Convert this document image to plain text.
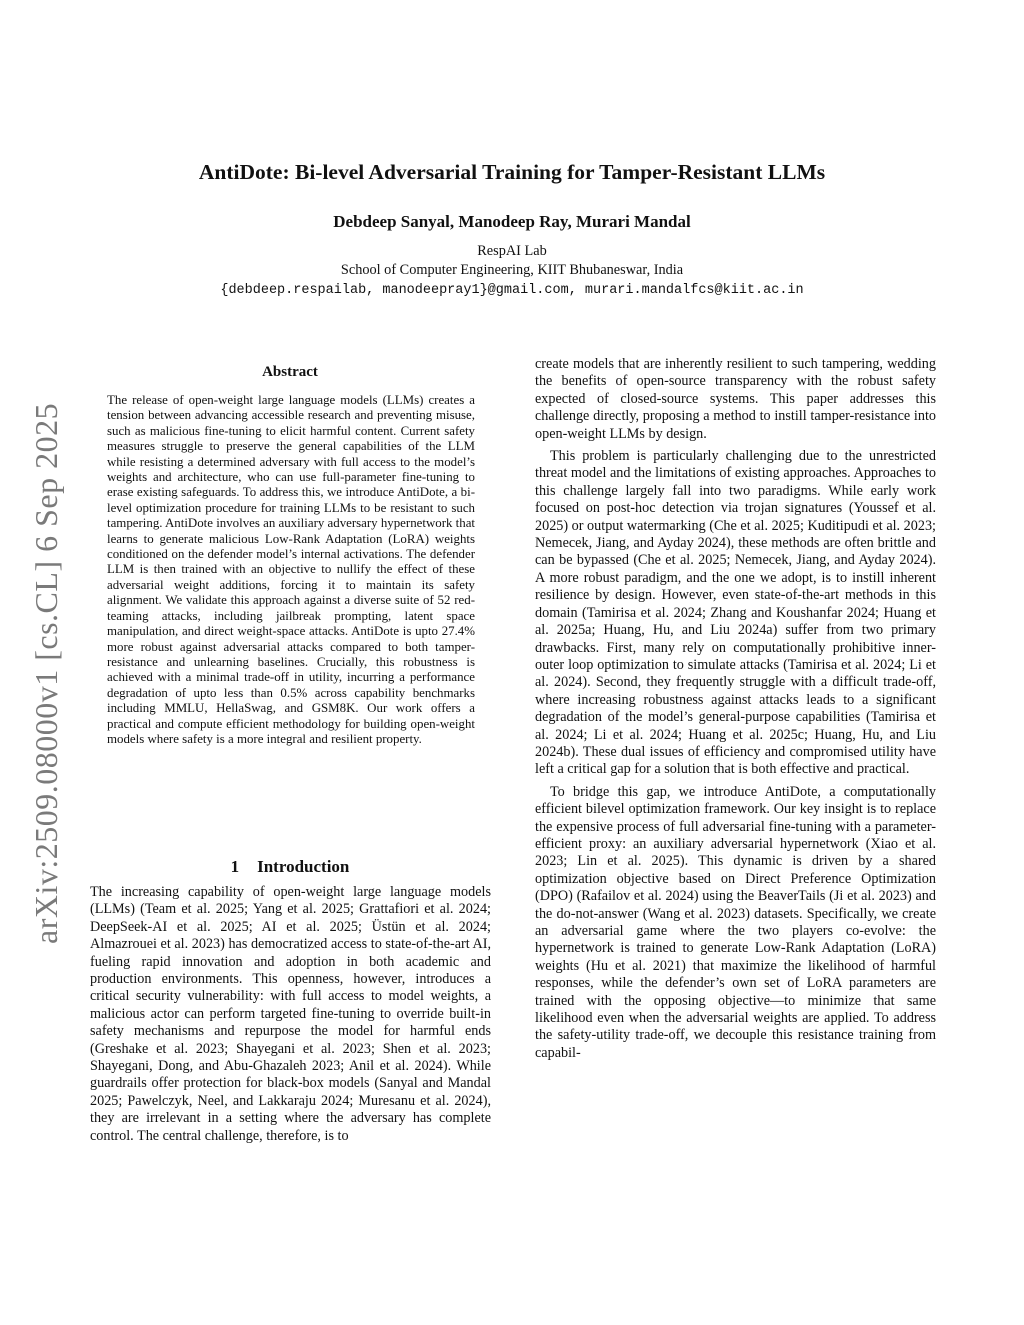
arXiv:2509.08000v1 [cs.CL] 6 Sep 2025
AntiDote: Bi-level Adversarial Training for Tamper-Resistant LLMs
Debdeep Sanyal, Manodeep Ray, Murari Mandal
RespAI Lab
School of Computer Engineering, KIIT Bhubaneswar, India
{debdeep.respailab, manodeepray1}@gmail.com, murari.mandalfcs@kiit.ac.in
Abstract
The release of open-weight large language models (LLMs) creates a tension between advancing accessible research and preventing misuse, such as malicious fine-tuning to elicit harmful content. Current safety measures struggle to preserve the general capabilities of the LLM while resisting a determined adversary with full access to the model’s weights and architecture, who can use full-parameter fine-tuning to erase existing safeguards. To address this, we introduce AntiDote, a bi-level optimization procedure for training LLMs to be resistant to such tampering. AntiDote involves an auxiliary adversary hypernetwork that learns to generate malicious Low-Rank Adaptation (LoRA) weights conditioned on the defender model’s internal activations. The defender LLM is then trained with an objective to nullify the effect of these adversarial weight additions, forcing it to maintain its safety alignment. We validate this approach against a diverse suite of 52 red-teaming attacks, including jailbreak prompting, latent space manipulation, and direct weight-space attacks. AntiDote is upto 27.4% more robust against adversarial attacks compared to both tamper-resistance and unlearning baselines. Crucially, this robustness is achieved with a minimal trade-off in utility, incurring a performance degradation of upto less than 0.5% across capability benchmarks including MMLU, HellaSwag, and GSM8K. Our work offers a practical and compute efficient methodology for building open-weight models where safety is a more integral and resilient property.
1 Introduction

The increasing capability of open-weight large language models (LLMs) (Team et al. 2025; Yang et al. 2025; Grattafiori et al. 2024; DeepSeek-AI et al. 2025; AI et al. 2025; Üstün et al. 2024; Almazrouei et al. 2023) has democratized access to state-of-the-art AI, fueling rapid innovation and adoption in both academic and production environments. This openness, however, introduces a critical security vulnerability: with full access to model weights, a malicious actor can perform targeted fine-tuning to override built-in safety mechanisms and repurpose the model for harmful ends (Greshake et al. 2023; Shayegani et al. 2023; Shen et al. 2023; Shayegani, Dong, and Abu-Ghazaleh 2023; Anil et al. 2024). While guardrails offer protection for black-box models (Sanyal and Mandal 2025; Pawelczyk, Neel, and Lakkaraju 2024; Muresanu et al. 2024), they are irrelevant in a setting where the adversary has complete control. The central challenge, therefore, is to

create models that are inherently resilient to such tampering, wedding the benefits of open-source transparency with the robust safety expected of closed-source systems. This paper addresses this challenge directly, proposing a method to instill tamper-resistance into open-weight LLMs by design.

This problem is particularly challenging due to the unrestricted threat model and the limitations of existing approaches. Approaches to this challenge largely fall into two paradigms. While early work focused on post-hoc detection via trojan signatures (Youssef et al. 2025) or output watermarking (Che et al. 2025; Kuditipudi et al. 2023; Nemecek, Jiang, and Ayday 2024), these methods are often brittle and can be bypassed (Che et al. 2025; Nemecek, Jiang, and Ayday 2024). A more robust paradigm, and the one we adopt, is to instill inherent resilience by design. However, even state-of-the-art methods in this domain (Tamirisa et al. 2024; Zhang and Koushanfar 2024; Huang et al. 2025a; Huang, Hu, and Liu 2024a) suffer from two primary drawbacks. First, many rely on computationally prohibitive inner-outer loop optimization to simulate attacks (Tamirisa et al. 2024; Li et al. 2024). Second, they frequently struggle with a difficult trade-off, where increasing robustness against attacks leads to a significant degradation of the model’s general-purpose capabilities (Tamirisa et al. 2024; Li et al. 2024; Huang et al. 2025c; Huang, Hu, and Liu 2024b). These dual issues of efficiency and compromised utility have left a critical gap for a solution that is both effective and practical.

To bridge this gap, we introduce AntiDote, a computationally efficient bilevel optimization framework. Our key insight is to replace the expensive process of full adversarial fine-tuning with a parameter-efficient proxy: an auxiliary adversarial hypernetwork (Xiao et al. 2023; Lin et al. 2025). This dynamic is driven by a shared optimization objective based on Direct Preference Optimization (DPO) (Rafailov et al. 2024) using the BeaverTails (Ji et al. 2023) and the do-not-answer (Wang et al. 2023) datasets. Specifically, we create an adversarial game where the two players co-evolve: the hypernetwork is trained to generate Low-Rank Adaptation (LoRA) weights (Hu et al. 2021) that maximize the likelihood of harmful responses, while the defender’s own set of LoRA parameters are trained with the opposing objective—to minimize that same likelihood even when the adversarial weights are applied. To address the safety-utility trade-off, we decouple this resistance training from capabil-
